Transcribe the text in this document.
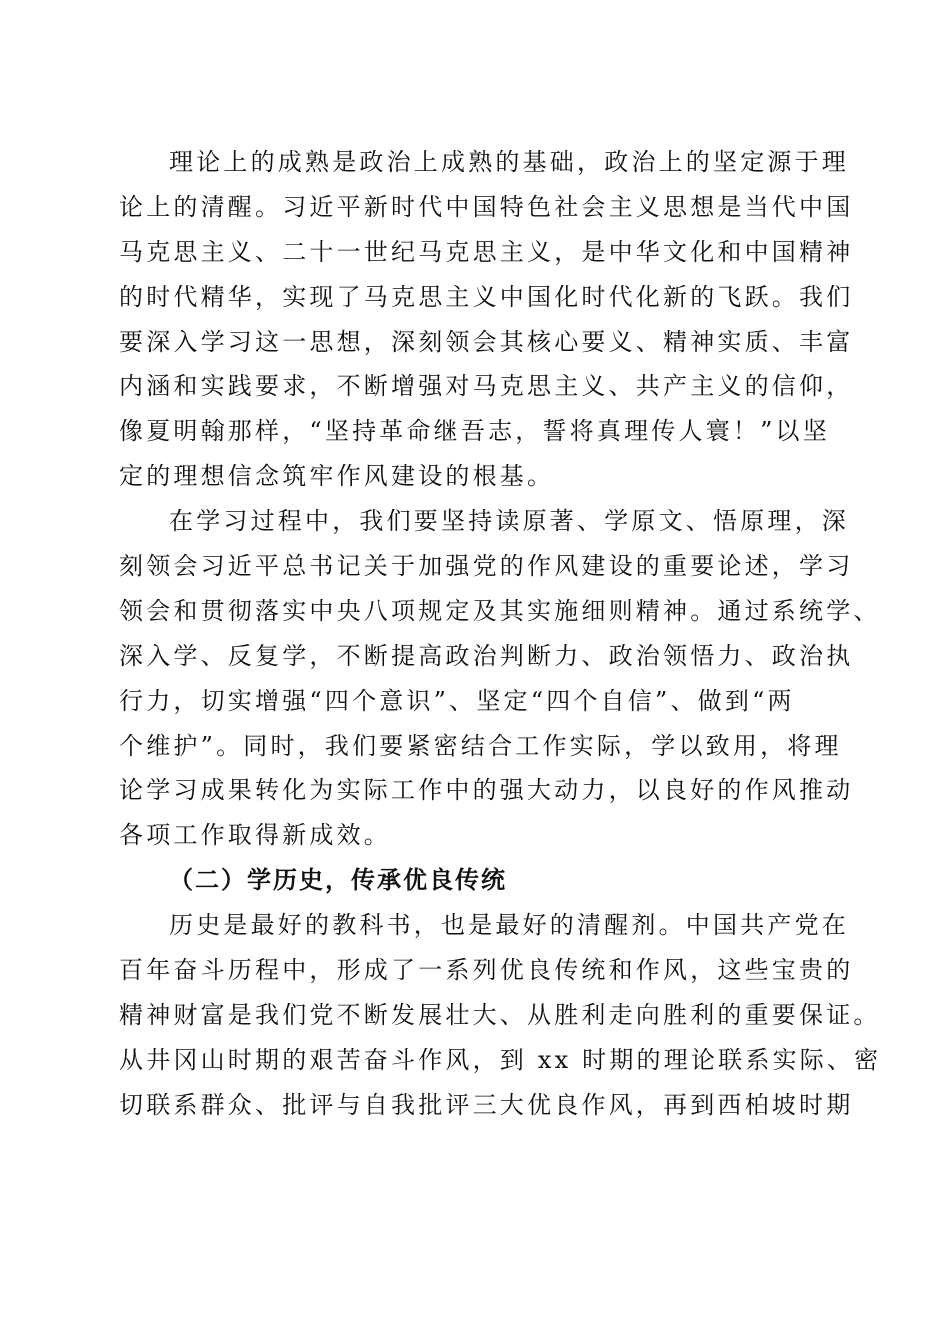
理论上的成熟是政治上成熟的基础，政治上的坚定源于理
论上的清醒。习近平新时代中国特色社会主义思想是当代中国
马克思主义、二十一世纪马克思主义，是中华文化和中国精神
的时代精华，实现了马克思主义中国化时代化新的飞跃。我们
要深入学习这一思想，深刻领会其核心要义、精神实质、丰富
内涵和实践要求，不断增强对马克思主义、共产主义的信仰，
像夏明翰那样，“坚持革命继吾志，誓将真理传人寰！”以坚
定的理想信念筑牢作风建设的根基。
在学习过程中，我们要坚持读原著、学原文、悟原理，深
刻领会习近平总书记关于加强党的作风建设的重要论述，学习
领会和贯彻落实中央八项规定及其实施细则精神。通过系统学、
深入学、反复学，不断提高政治判断力、政治领悟力、政治执
行力，切实增强“四个意识”、坚定“四个自信”、做到“两
个维护”。同时，我们要紧密结合工作实际，学以致用，将理
论学习成果转化为实际工作中的强大动力，以良好的作风推动
各项工作取得新成效。
（二）学历史，传承优良传统
历史是最好的教科书，也是最好的清醒剂。中国共产党在
百年奋斗历程中，形成了一系列优良传统和作风，这些宝贵的
精神财富是我们党不断发展壮大、从胜利走向胜利的重要保证。
从井冈山时期的艰苦奋斗作风，到 xx 时期的理论联系实际、密
切联系群众、批评与自我批评三大优良作风，再到西柏坡时期
